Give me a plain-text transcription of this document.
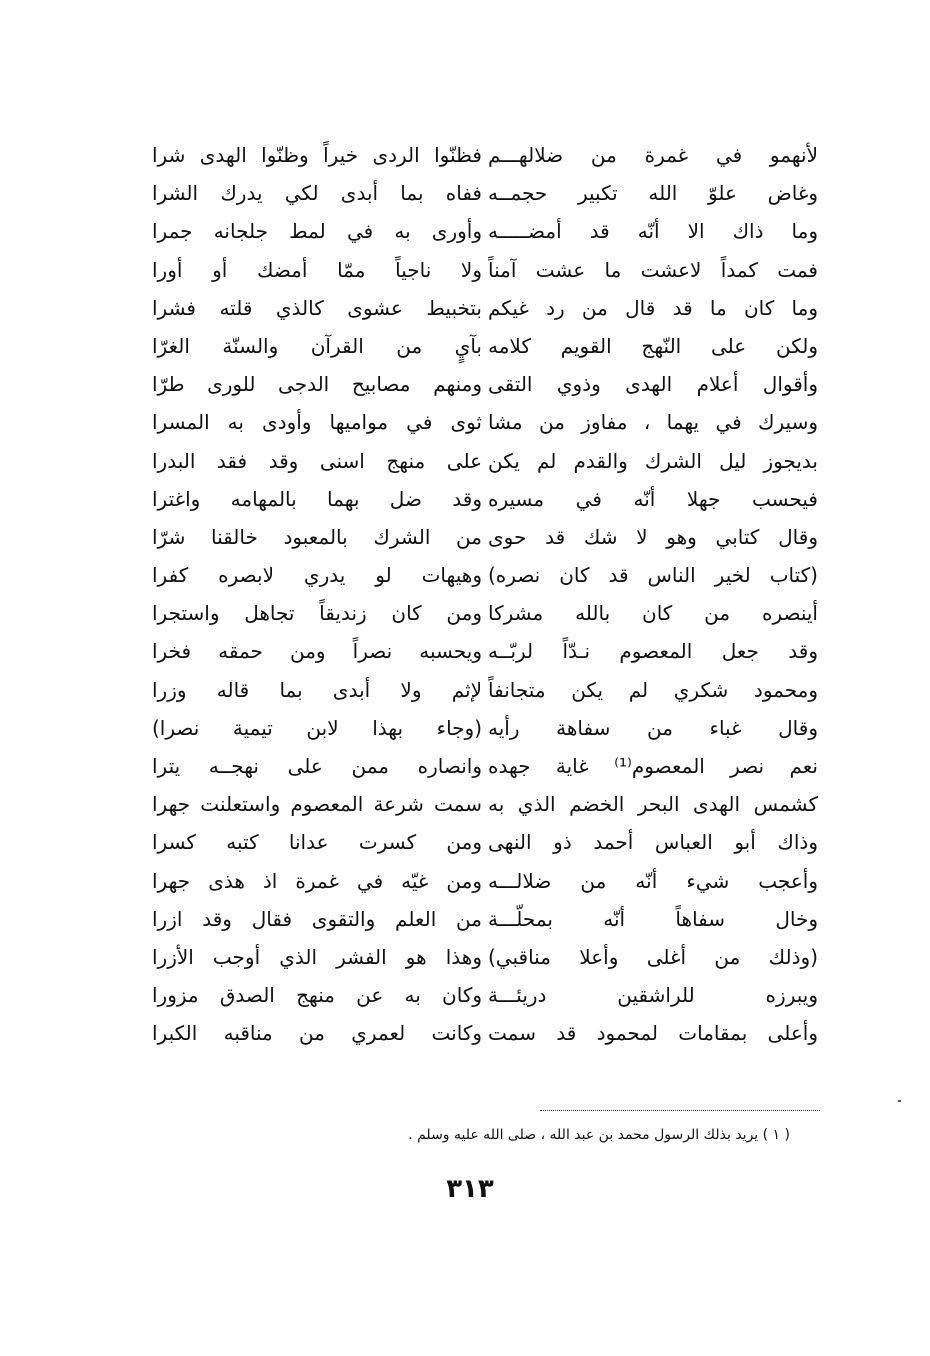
لأنهمو في غمرة من ضلالهـــم
وغاض علوّ الله تكبير حجمــه
وما ذاك الا أنّه قد أمضـــــه
فمت كمداً لاعشت ما عشت آمناً
وما كان ما قد قال من رد غيكم
ولكن على النّهج القويم كلامه
وأقوال أعلام الهدى وذوي التقى
وسيرك في يهما ، مفاوز من مشا
بديجوز ليل الشرك والقدم لم يكن
فيحسب جهلا أنّه في مسيره
وقال كتابي وهو لا شك قد حوى
(كتاب لخير الناس قد كان نصره)
أينصره من كان بالله مشركا
وقد جعل المعصوم نـدّاً لربّــه
ومحمود شكري لم يكن متجانفاً
وقال غباء من سفاهة رأيه
نعم نصر المعصوم⁽¹⁾ غاية جهده
كشمس الهدى البحر الخضم الذي به
وذاك أبو العباس أحمد ذو النهى
وأعجب شيء أنّه من ضلالـــه
وخال سفاهاً أنّه بمحلّـــة
(وذلك من أغلى وأعلا مناقبي)
ويبرزه للراشقين دريئـــة
وأعلى بمقامات لمحمود قد سمت
فظنّوا الردى خيراً وظنّوا الهدى شرا
ففاه بما أبدى لكي يدرك الشرا
وأورى به في لمط جلجانه جمرا
ولا ناجياً ممّا أمضك أو أورا
بتخبيط عشوى كالذي قلته فشرا
بآيٍ من القرآن والسنّة الغرّا
ومنهم مصابيح الدجى للورى طرّا
ثوى في مواميها وأودى به المسرا
على منهج اسنى وقد فقد البدرا
وقد ضل بهما بالمهامه واغترا
من الشرك بالمعبود خالقنا شرّا
وهيهات لو يدري لابصره كفرا
ومن كان زنديقاً تجاهل واستجرا
ويحسبه نصراً ومن حمقه فخرا
لإثم ولا أبدى بما قاله وزرا
(وجاء بهذا لابن تيمية نصرا)
وانصاره ممن على نهجــه يترا
سمت شرعة المعصوم واستعلنت جهرا
ومن كسرت عدانا كتبه كسرا
ومن غيّه في غمرة اذ هذى جهرا
من العلم والتقوى فقال وقد ازرا
وهذا هو الفشر الذي أوجب الأزرا
وكان به عن منهج الصدق مزورا
وكانت لعمري من مناقبه الكبرا
( ١ ) يريد بذلك الرسول محمد بن عبد الله ، صلى الله عليه وسلم .
٣١٣
